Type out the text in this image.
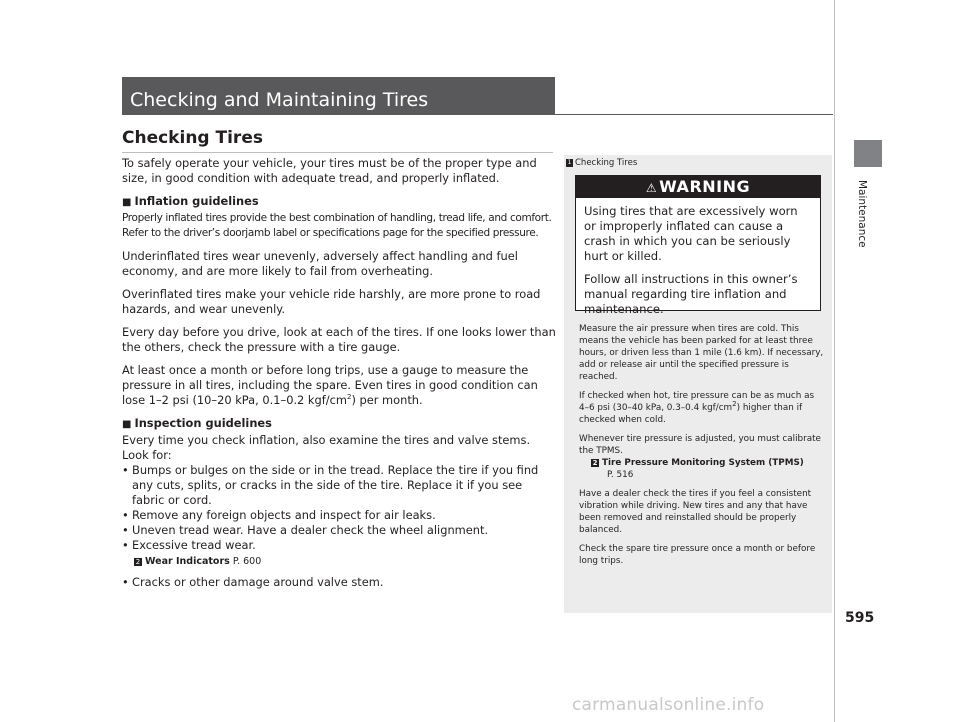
Checking and Maintaining Tires
Checking Tires

To safely operate your vehicle, your tires must be of the proper type and size, in good condition with adequate tread, and properly inflated.

■ Inflation guidelines

Properly inflated tires provide the best combination of handling, tread life, and comfort. Refer to the driver’s doorjamb label or specifications page for the specified pressure.

Underinflated tires wear unevenly, adversely affect handling and fuel economy, and are more likely to fail from overheating.

Overinflated tires make your vehicle ride harshly, are more prone to road hazards, and wear unevenly.

Every day before you drive, look at each of the tires. If one looks lower than the others, check the pressure with a tire gauge.

At least once a month or before long trips, use a gauge to measure the pressure in all tires, including the spare. Even tires in good condition can lose 1–2 psi (10–20 kPa, 0.1–0.2 kgf/$cm^2$) per month.

■ Inspection guidelines
Every time you check inflation, also examine the tires and valve stems.
Look for:
• Bumps or bulges on the side or in the tread. Replace the tire if you find any cuts, splits, or cracks in the side of the tire. Replace it if you see fabric or cord.
• Remove any foreign objects and inspect for air leaks.
• Uneven tread wear. Have a dealer check the wheel alignment.
• Excessive tread wear.
2 Wear Indicators P. 600
• Cracks or other damage around valve stem.
1 Checking Tires
⚠ WARNING

Using tires that are excessively worn or improperly inflated can cause a crash in which you can be seriously hurt or killed.

Follow all instructions in this owner’s manual regarding tire inflation and maintenance.

Measure the air pressure when tires are cold. This means the vehicle has been parked for at least three hours, or driven less than 1 mile (1.6 km). If necessary, add or release air until the specified pressure is reached.

If checked when hot, tire pressure can be as much as 4–6 psi (30–40 kPa, 0.3–0.4 kgf/$cm^2$) higher than if checked when cold.

Whenever tire pressure is adjusted, you must calibrate the TPMS.

2 Tire Pressure Monitoring System (TPMS)
P. 516

Have a dealer check the tires if you feel a consistent vibration while driving. New tires and any that have been removed and reinstalled should be properly balanced.

Check the spare tire pressure once a month or before long trips.

Maintenance
595
carmanualsonline.info
